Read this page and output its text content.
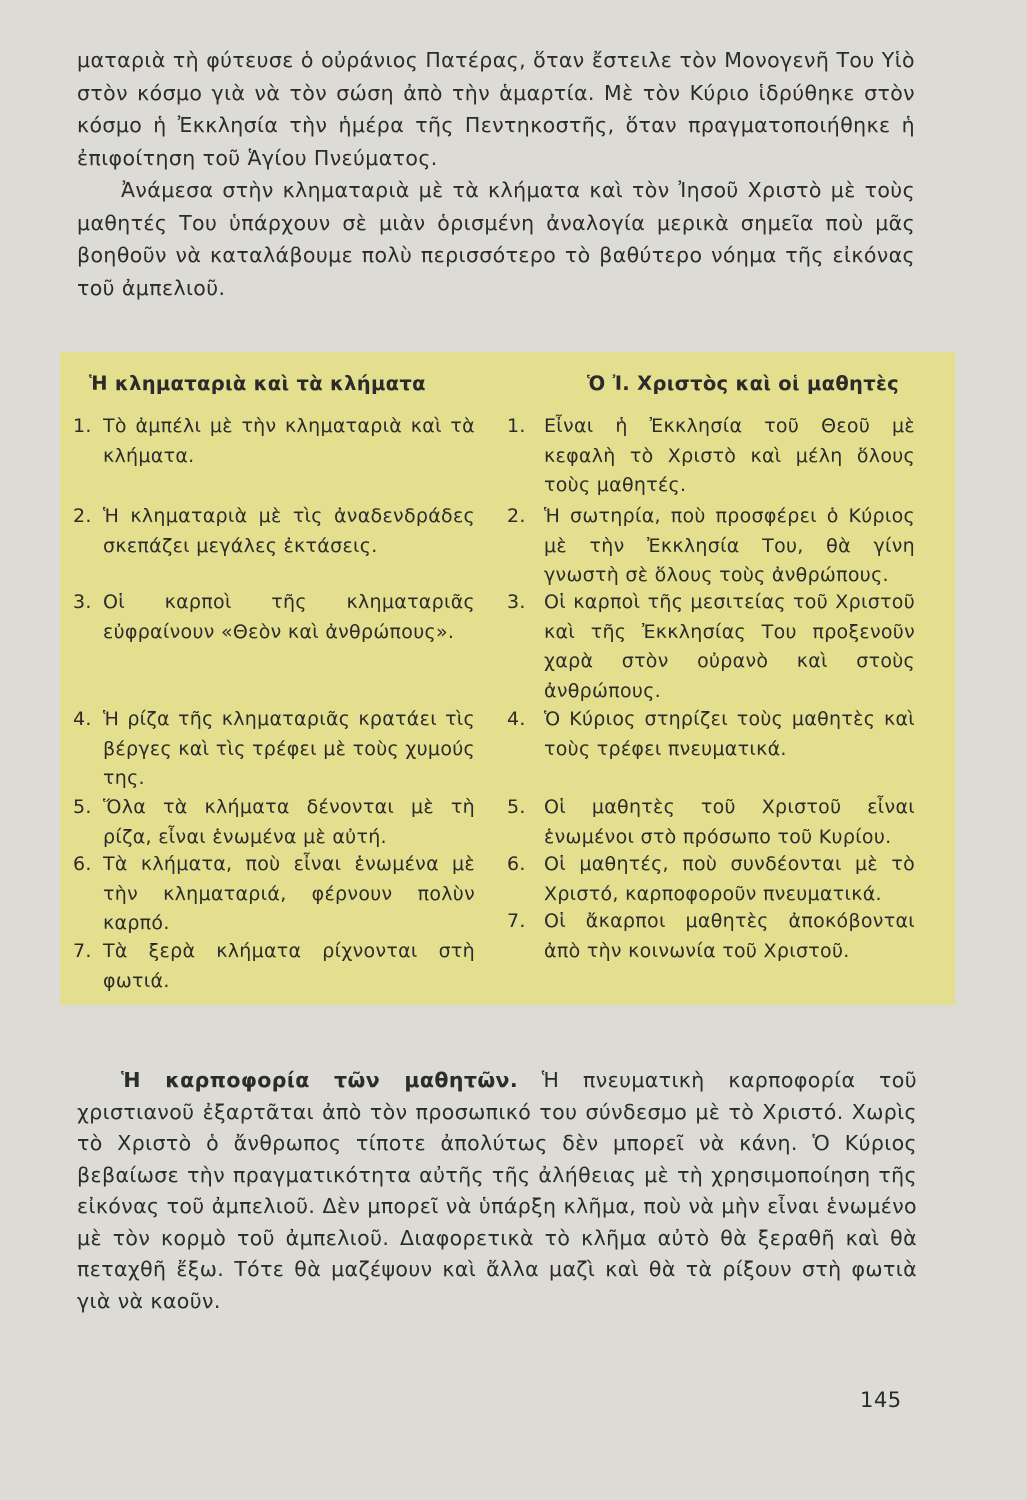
ματαριὰ τὴ φύτευσε ὁ οὐράνιος Πατέρας, ὅταν ἔστειλε τὸν Μονογενῆ Του Υἱὸ στὸν κόσμο γιὰ νὰ τὸν σώση ἀπὸ τὴν ἁμαρτία. Μὲ τὸν Κύριο ἱδρύθηκε στὸν κόσμο ἡ Ἐκκλησία τὴν ἡμέρα τῆς Πεντηκοστῆς, ὅταν πραγματοποιήθηκε ἡ ἐπιφοίτηση τοῦ Ἁγίου Πνεύματος.

Ἀνάμεσα στὴν κληματαριὰ μὲ τὰ κλήματα καὶ τὸν Ἰησοῦ Χριστὸ μὲ τοὺς μαθητές Του ὑπάρχουν σὲ μιὰν ὁρισμένη ἀναλογία μερικὰ σημεῖα ποὺ μᾶς βοηθοῦν νὰ καταλάβουμε πολὺ περισσότερο τὸ βαθύτερο νόημα τῆς εἰκόνας τοῦ ἀμπελιοῦ.

Ἡ κληματαριὰ καὶ τὰ κλήματα
1. Τὸ ἀμπέλι μὲ τὴν κληματαριὰ καὶ τὰ κλήματα.
2. Ἡ κληματαριὰ μὲ τὶς ἀναδενδράδες σκεπάζει μεγάλες ἐκτάσεις.
3. Οἱ καρποὶ τῆς κληματαριᾶς εὐφραίνουν «Θεὸν καὶ ἀνθρώπους».
4. Ἡ ρίζα τῆς κληματαριᾶς κρατάει τὶς βέργες καὶ τὶς τρέφει μὲ τοὺς χυμούς της.
5. Ὅλα τὰ κλήματα δένονται μὲ τὴ ρίζα, εἶναι ἑνωμένα μὲ αὐτή.
6. Τὰ κλήματα, ποὺ εἶναι ἑνωμένα μὲ τὴν κληματαριά, φέρνουν πολὺν καρπό.
7. Τὰ ξερὰ κλήματα ρίχνονται στὴ φωτιά.
Ὁ Ἰ. Χριστὸς καὶ οἱ μαθητὲς
1. Εἶναι ἡ Ἐκκλησία τοῦ Θεοῦ μὲ κεφαλὴ τὸ Χριστὸ καὶ μέλη ὅλους τοὺς μαθητές.
2. Ἡ σωτηρία, ποὺ προσφέρει ὁ Κύριος μὲ τὴν Ἐκκλησία Του, θὰ γίνη γνωστὴ σὲ ὅλους τοὺς ἀνθρώπους.
3. Οἱ καρποὶ τῆς μεσιτείας τοῦ Χριστοῦ καὶ τῆς Ἐκκλησίας Του προξενοῦν χαρὰ στὸν οὐρανὸ καὶ στοὺς ἀνθρώπους.
4. Ὁ Κύριος στηρίζει τοὺς μαθητὲς καὶ τοὺς τρέφει πνευματικά.
5. Οἱ μαθητὲς τοῦ Χριστοῦ εἶναι ἑνωμένοι στὸ πρόσωπο τοῦ Κυρίου.
6. Οἱ μαθητές, ποὺ συνδέονται μὲ τὸ Χριστό, καρποφοροῦν πνευματικά.
7. Οἱ ἄκαρποι μαθητὲς ἀποκόβονται ἀπὸ τὴν κοινωνία τοῦ Χριστοῦ.

Ἡ καρποφορία τῶν μαθητῶν. Ἡ πνευματικὴ καρποφορία τοῦ χριστιανοῦ ἐξαρτᾶται ἀπὸ τὸν προσωπικό του σύνδεσμο μὲ τὸ Χριστό. Χωρὶς τὸ Χριστὸ ὁ ἄνθρωπος τίποτε ἀπολύτως δὲν μπορεῖ νὰ κάνη. Ὁ Κύριος βεβαίωσε τὴν πραγματικότητα αὐτῆς τῆς ἀλήθειας μὲ τὴ χρησιμοποίηση τῆς εἰκόνας τοῦ ἀμπελιοῦ. Δὲν μπορεῖ νὰ ὑπάρξη κλῆμα, ποὺ νὰ μὴν εἶναι ἑνωμένο μὲ τὸν κορμὸ τοῦ ἀμπελιοῦ. Διαφορετικὰ τὸ κλῆμα αὐτὸ θὰ ξεραθῆ καὶ θὰ πεταχθῆ ἔξω. Τότε θὰ μαζέψουν καὶ ἄλλα μαζὶ καὶ θὰ τὰ ρίξουν στὴ φωτιὰ γιὰ νὰ καοῦν.

145
